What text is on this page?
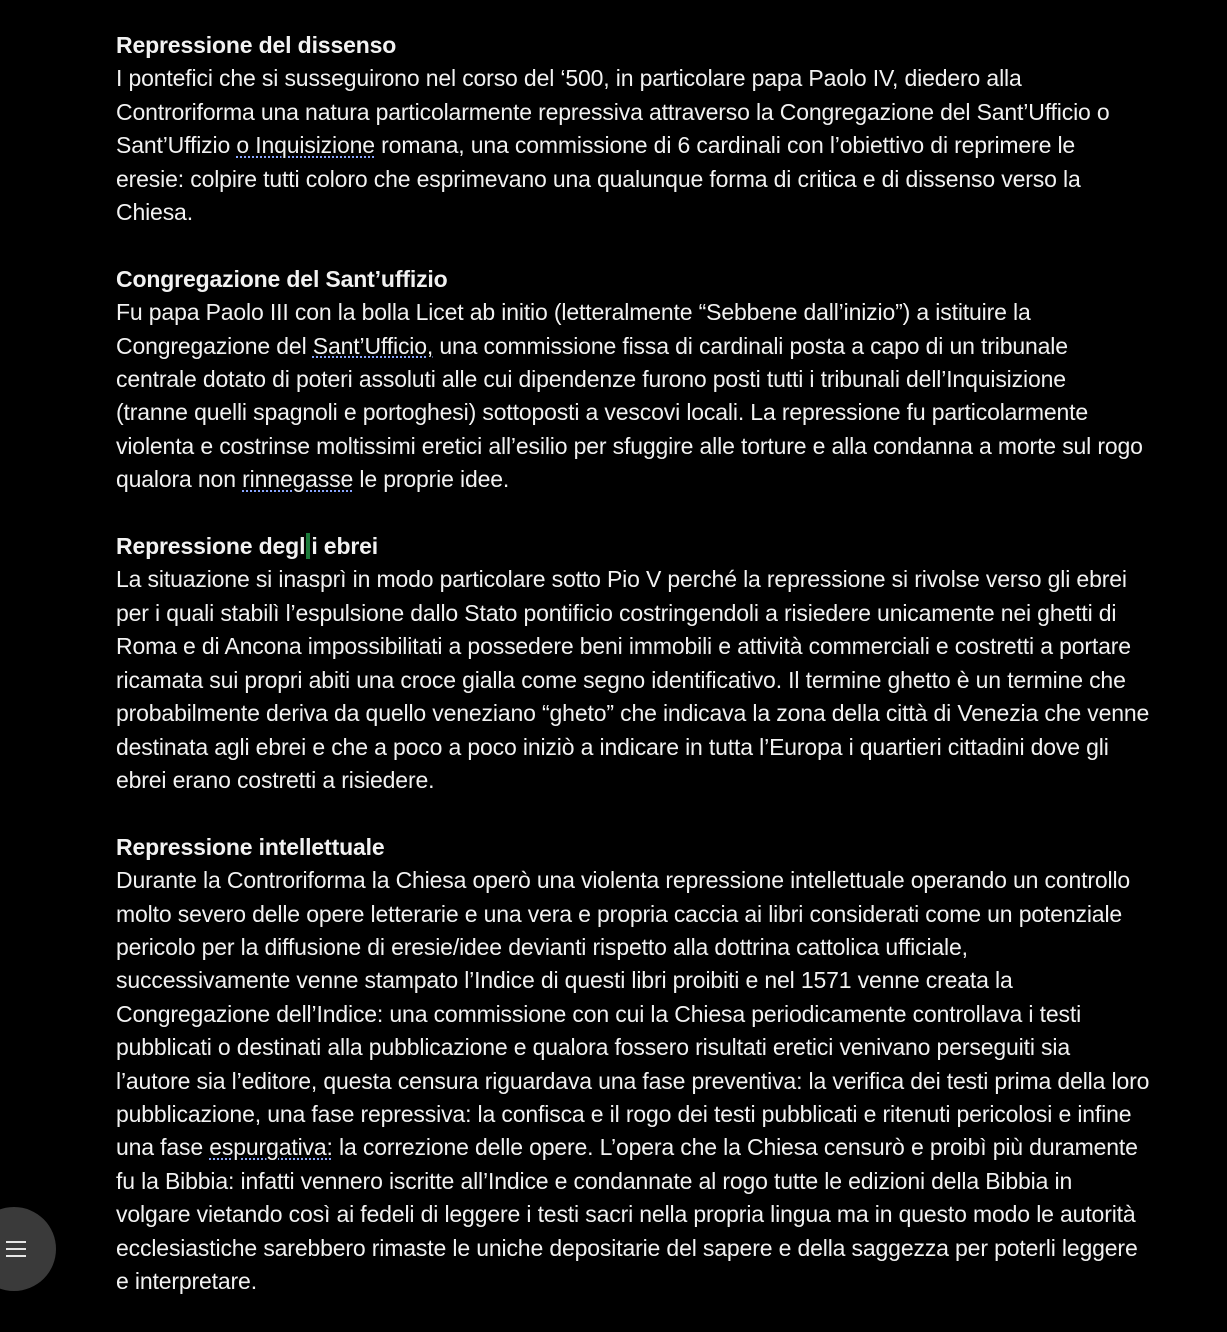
Repressione del dissenso

I pontefici che si susseguirono nel corso del ‘500, in particolare papa Paolo IV, diedero alla
Controriforma una natura particolarmente repressiva attraverso la Congregazione del Sant’Ufficio o
Sant’Uffizio o Inquisizione romana, una commissione di 6 cardinali con l’obiettivo di reprimere le
eresie: colpire tutti coloro che esprimevano una qualunque forma di critica e di dissenso verso la
Chiesa.

Congregazione del Sant’uffizio

Fu papa Paolo III con la bolla Licet ab initio (letteralmente “Sebbene dall’inizio”) a istituire la
Congregazione del Sant’Ufficio, una commissione fissa di cardinali posta a capo di un tribunale
centrale dotato di poteri assoluti alle cui dipendenze furono posti tutti i tribunali dell’Inquisizione
(tranne quelli spagnoli e portoghesi) sottoposti a vescovi locali. La repressione fu particolarmente
violenta e costrinse moltissimi eretici all’esilio per sfuggire alle torture e alla condanna a morte sul rogo
qualora non rinnegasse le proprie idee.

Repressione degl i ebrei

La situazione si inasprì in modo particolare sotto Pio V perché la repressione si rivolse verso gli ebrei
per i quali stabilì l’espulsione dallo Stato pontificio costringendoli a risiedere unicamente nei ghetti di
Roma e di Ancona impossibilitati a possedere beni immobili e attività commerciali e costretti a portare
ricamata sui propri abiti una croce gialla come segno identificativo. Il termine ghetto è un termine che
probabilmente deriva da quello veneziano “gheto” che indicava la zona della città di Venezia che venne
destinata agli ebrei e che a poco a poco iniziò a indicare in tutta l’Europa i quartieri cittadini dove gli
ebrei erano costretti a risiedere.

Repressione intellettuale

Durante la Controriforma la Chiesa operò una violenta repressione intellettuale operando un controllo
molto severo delle opere letterarie e una vera e propria caccia ai libri considerati come un potenziale
pericolo per la diffusione di eresie/idee devianti rispetto alla dottrina cattolica ufficiale,
successivamente venne stampato l’Indice di questi libri proibiti e nel 1571 venne creata la
Congregazione dell’Indice: una commissione con cui la Chiesa periodicamente controllava i testi
pubblicati o destinati alla pubblicazione e qualora fossero risultati eretici venivano perseguiti sia
l’autore sia l’editore, questa censura riguardava una fase preventiva: la verifica dei testi prima della loro
pubblicazione, una fase repressiva: la confisca e il rogo dei testi pubblicati e ritenuti pericolosi e infine
una fase espurgativa: la correzione delle opere. L’opera che la Chiesa censurò e proibì più duramente
fu la Bibbia: infatti vennero iscritte all’Indice e condannate al rogo tutte le edizioni della Bibbia in
volgare vietando così ai fedeli di leggere i testi sacri nella propria lingua ma in questo modo le autorità
ecclesiastiche sarebbero rimaste le uniche depositarie del sapere e della saggezza per poterli leggere
e interpretare.
